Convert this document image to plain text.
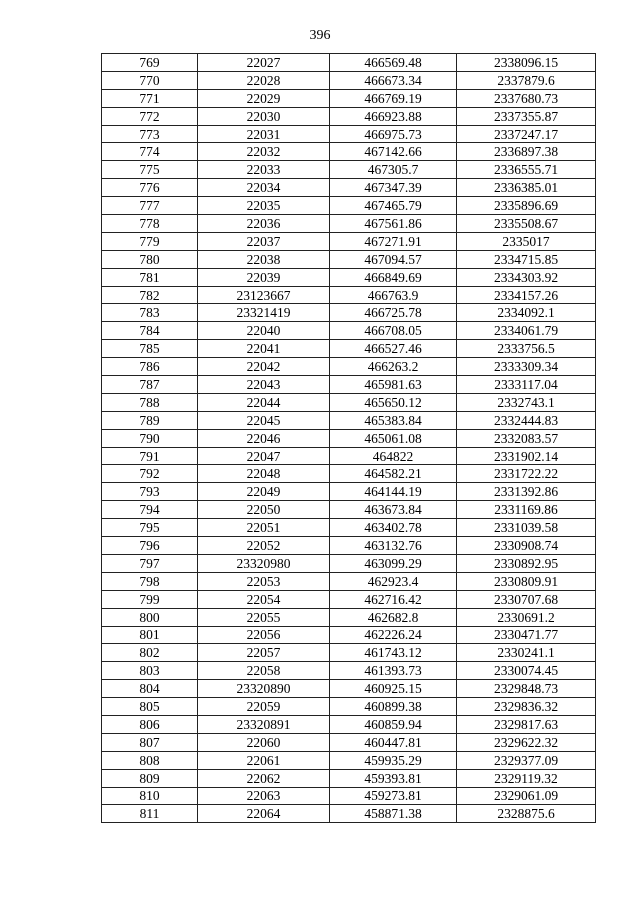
396
769	22027	466569.48	2338096.15
770	22028	466673.34	2337879.6
771	22029	466769.19	2337680.73
772	22030	466923.88	2337355.87
773	22031	466975.73	2337247.17
774	22032	467142.66	2336897.38
775	22033	467305.7	2336555.71
776	22034	467347.39	2336385.01
777	22035	467465.79	2335896.69
778	22036	467561.86	2335508.67
779	22037	467271.91	2335017
780	22038	467094.57	2334715.85
781	22039	466849.69	2334303.92
782	23123667	466763.9	2334157.26
783	23321419	466725.78	2334092.1
784	22040	466708.05	2334061.79
785	22041	466527.46	2333756.5
786	22042	466263.2	2333309.34
787	22043	465981.63	2333117.04
788	22044	465650.12	2332743.1
789	22045	465383.84	2332444.83
790	22046	465061.08	2332083.57
791	22047	464822	2331902.14
792	22048	464582.21	2331722.22
793	22049	464144.19	2331392.86
794	22050	463673.84	2331169.86
795	22051	463402.78	2331039.58
796	22052	463132.76	2330908.74
797	23320980	463099.29	2330892.95
798	22053	462923.4	2330809.91
799	22054	462716.42	2330707.68
800	22055	462682.8	2330691.2
801	22056	462226.24	2330471.77
802	22057	461743.12	2330241.1
803	22058	461393.73	2330074.45
804	23320890	460925.15	2329848.73
805	22059	460899.38	2329836.32
806	23320891	460859.94	2329817.63
807	22060	460447.81	2329622.32
808	22061	459935.29	2329377.09
809	22062	459393.81	2329119.32
810	22063	459273.81	2329061.09
811	22064	458871.38	2328875.6
